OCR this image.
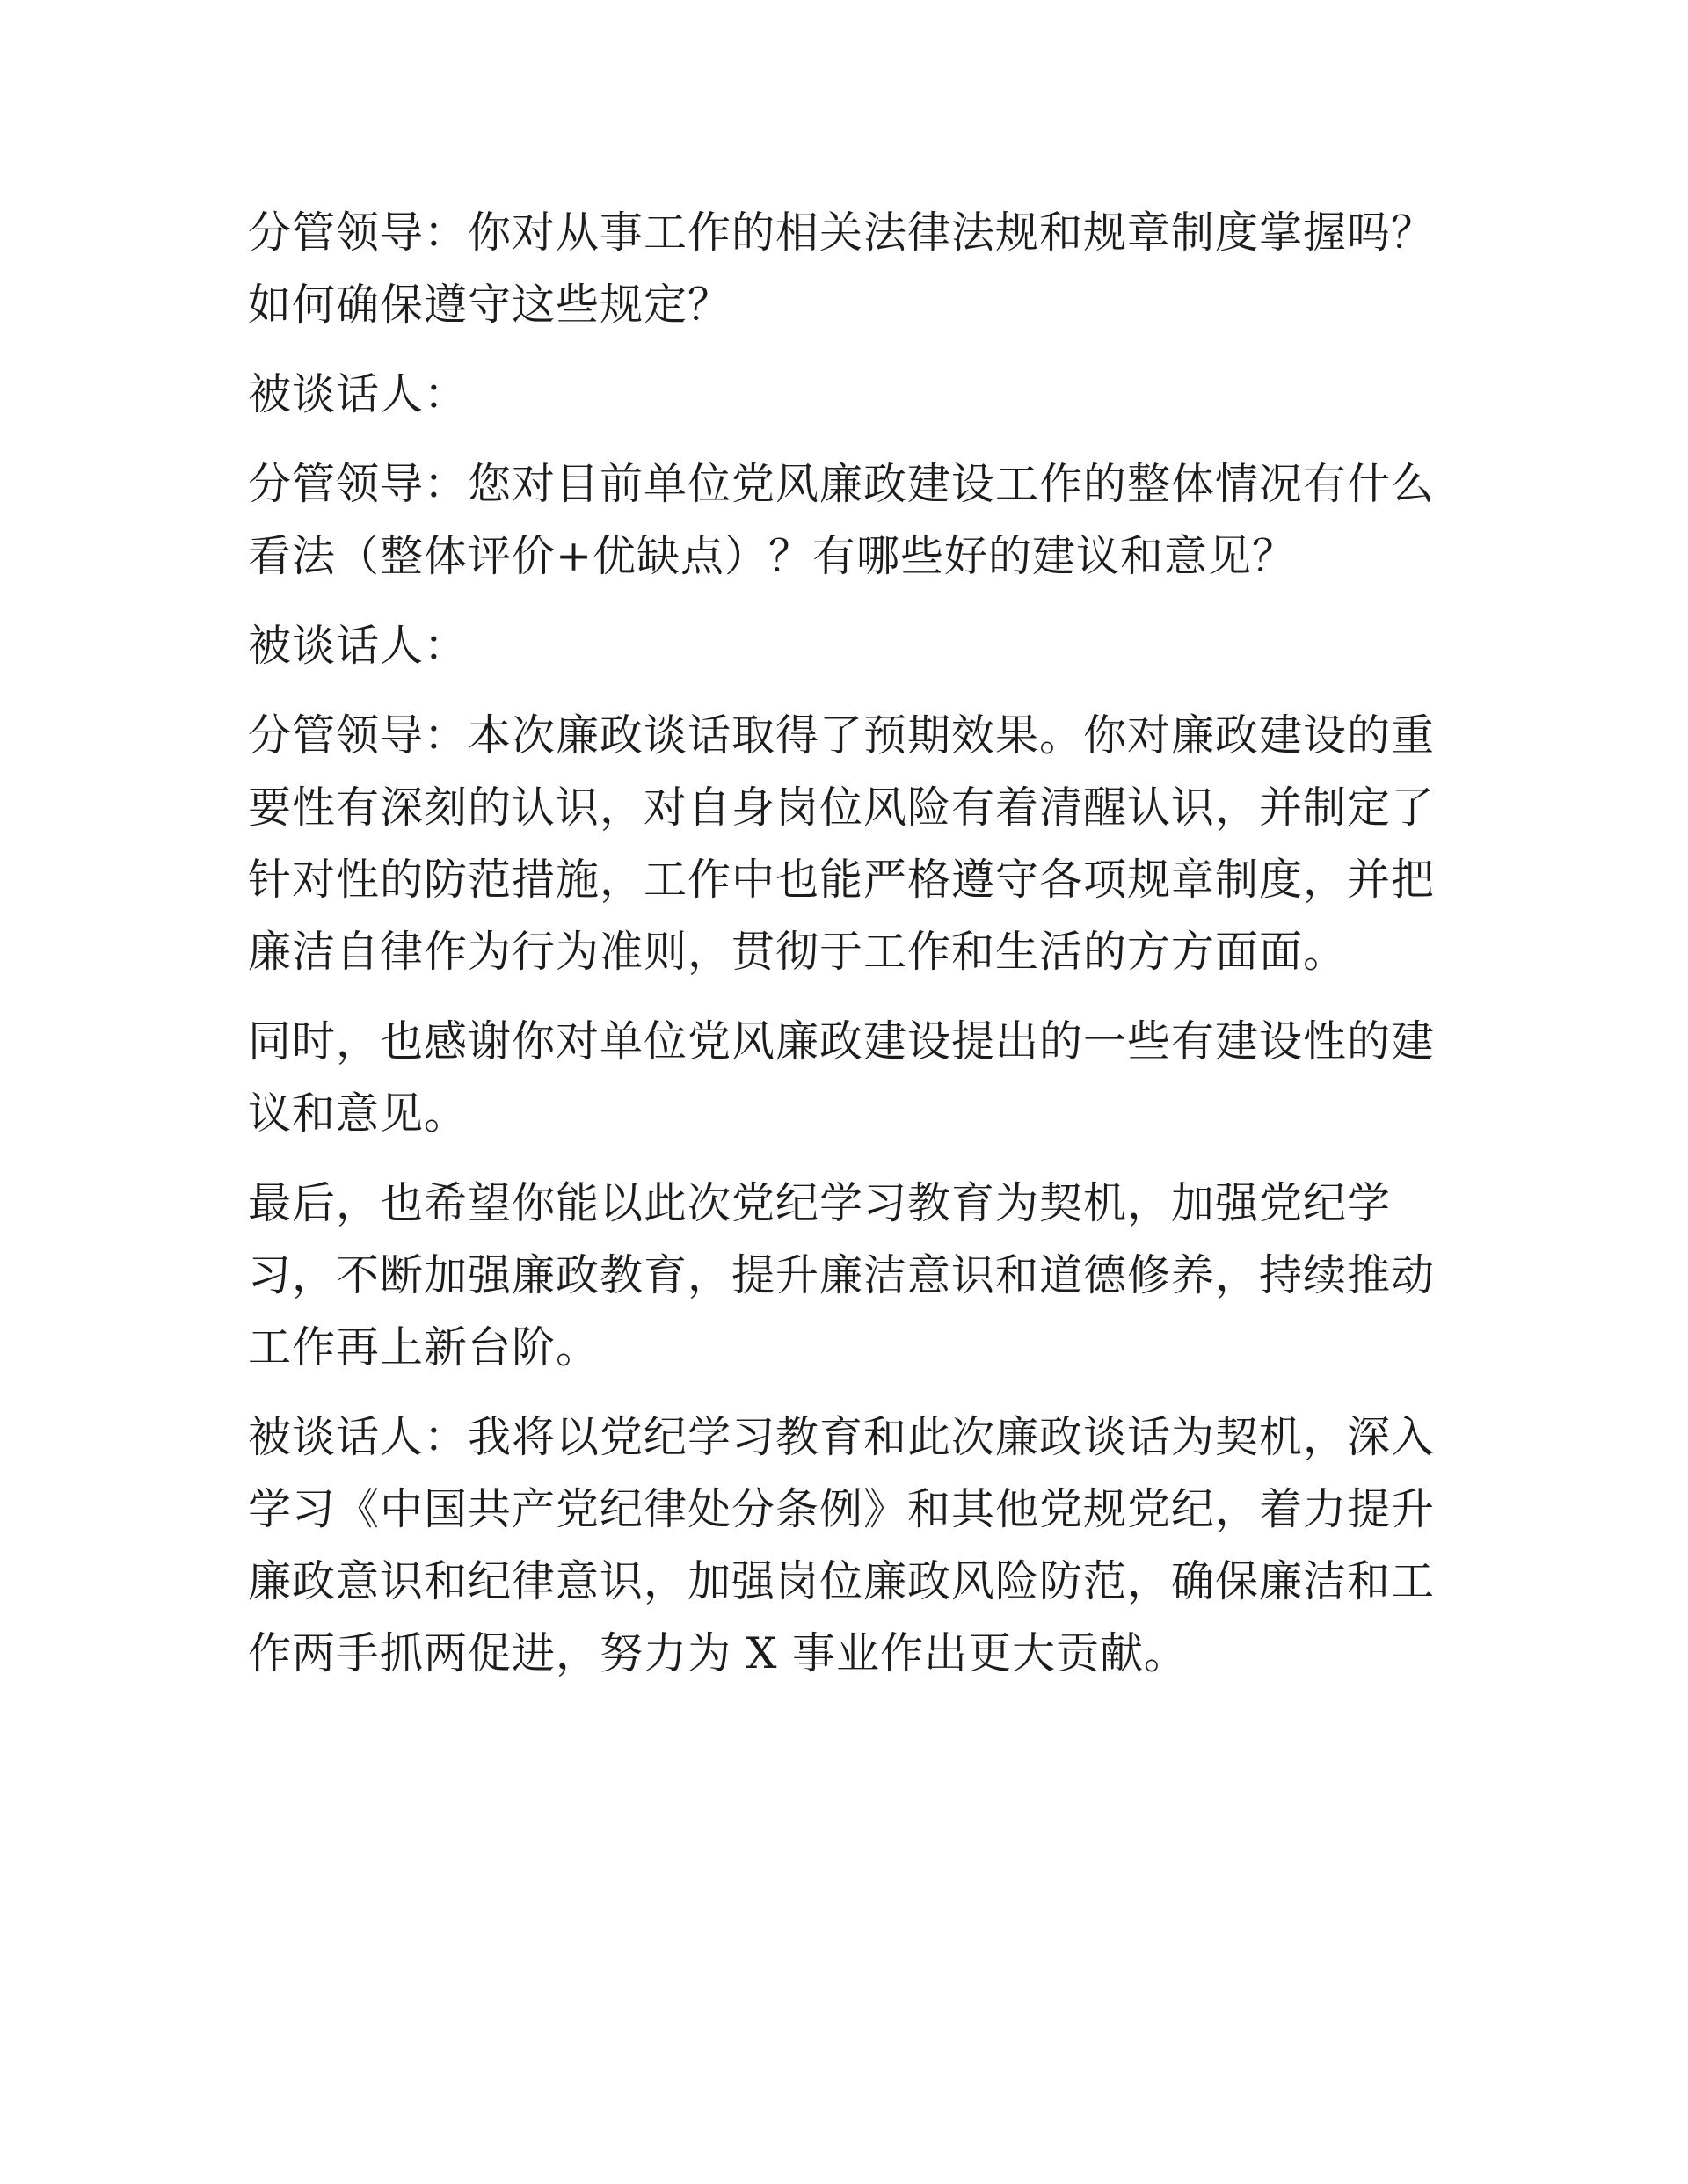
分管领导：你对从事工作的相关法律法规和规章制度掌握吗？
如何确保遵守这些规定？

被谈话人：

分管领导：您对目前单位党风廉政建设工作的整体情况有什么
看法（整体评价+优缺点）？有哪些好的建议和意见？

被谈话人：

分管领导：本次廉政谈话取得了预期效果。你对廉政建设的重
要性有深刻的认识，对自身岗位风险有着清醒认识，并制定了
针对性的防范措施，工作中也能严格遵守各项规章制度，并把
廉洁自律作为行为准则，贯彻于工作和生活的方方面面。

同时，也感谢你对单位党风廉政建设提出的一些有建设性的建
议和意见。

最后，也希望你能以此次党纪学习教育为契机，加强党纪学
习，不断加强廉政教育，提升廉洁意识和道德修养，持续推动
工作再上新台阶。

被谈话人：我将以党纪学习教育和此次廉政谈话为契机，深入
学习《中国共产党纪律处分条例》和其他党规党纪，着力提升
廉政意识和纪律意识，加强岗位廉政风险防范，确保廉洁和工
作两手抓两促进，努力为 X 事业作出更大贡献。
